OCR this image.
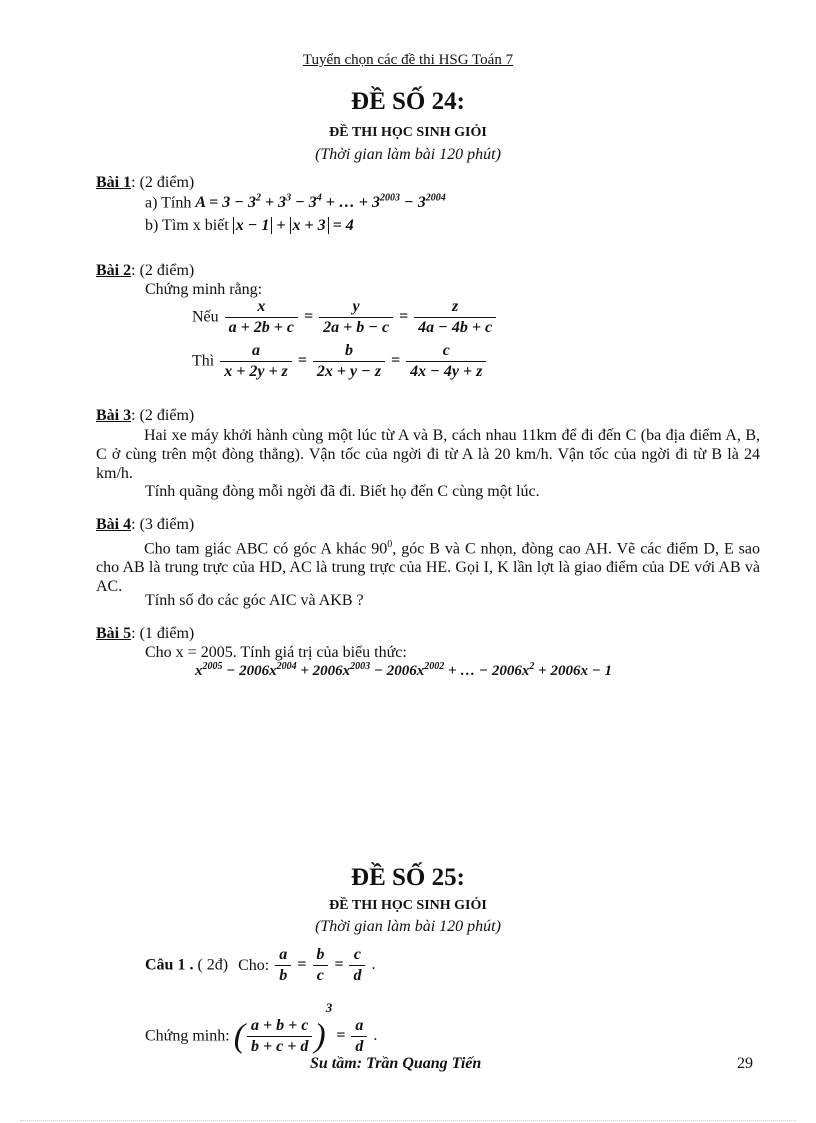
Tuyển chọn các đề thi HSG Toán 7
ĐỀ SỐ 24:
ĐỀ THI HỌC SINH GIỎI
(Thời gian làm bài 120 phút)
Bài 1: (2 điểm)
a) Tính $A = 3 - 3^2 + 3^3 - 3^4$ + … + $3^{2003} - 3^{2004}$
b) Tìm x biết x − 1 + x + 3 = 4
Bài 2: (2 điểm)
Chứng minh rằng:
Nếu $\frac{x}{a + 2b + c} = \frac{y}{2a + b - c} = \frac{z}{4a - 4b + c}$
Thì $\frac{a}{x + 2y + z} = \frac{b}{2x + y - z} = \frac{c}{4x - 4y + z}$
Bài 3: (2 điểm)
Hai xe máy khởi hành cùng một lúc từ A và B, cách nhau 11km để đi đến C (ba địa điểm A, B, C ở cùng trên một đòng thẳng). Vận tốc của ngời đi từ A là 20 km/h. Vận tốc của ngời đi từ B là 24 km/h.
Tính quãng đòng mỗi ngời đã đi. Biết họ đến C cùng một lúc.
Bài 4: (3 điểm)
Cho tam giác ABC có góc A khác $90^0$, góc B và C nhọn, đòng cao AH. Vẽ các điểm D, E sao cho AB là trung trực của HD, AC là trung trực của HE. Gọi I, K lần lợt là giao điểm của DE với AB và AC.
Tính số đo các góc AIC và AKB ?
Bài 5: (1 điểm)
Cho x = 2005. Tính giá trị của biểu thức:
$x^{2005} - 2006x^{2004} + 2006x^{2003} - 2006x^{2002}$ + … − $2006x^2 + 2006x - 1$
ĐỀ SỐ 25:
ĐỀ THI HỌC SINH GIỎI
(Thời gian làm bài 120 phút)
Câu 1 . ( 2đ) Cho: $\frac{a}{b} = \frac{b}{c} = \frac{c}{d}$ .
Chứng minh: ( $\frac{a + b + c}{b + c + d} )^3 = \frac{a}{d}$ .
Su tầm: Trần Quang Tiến	29
